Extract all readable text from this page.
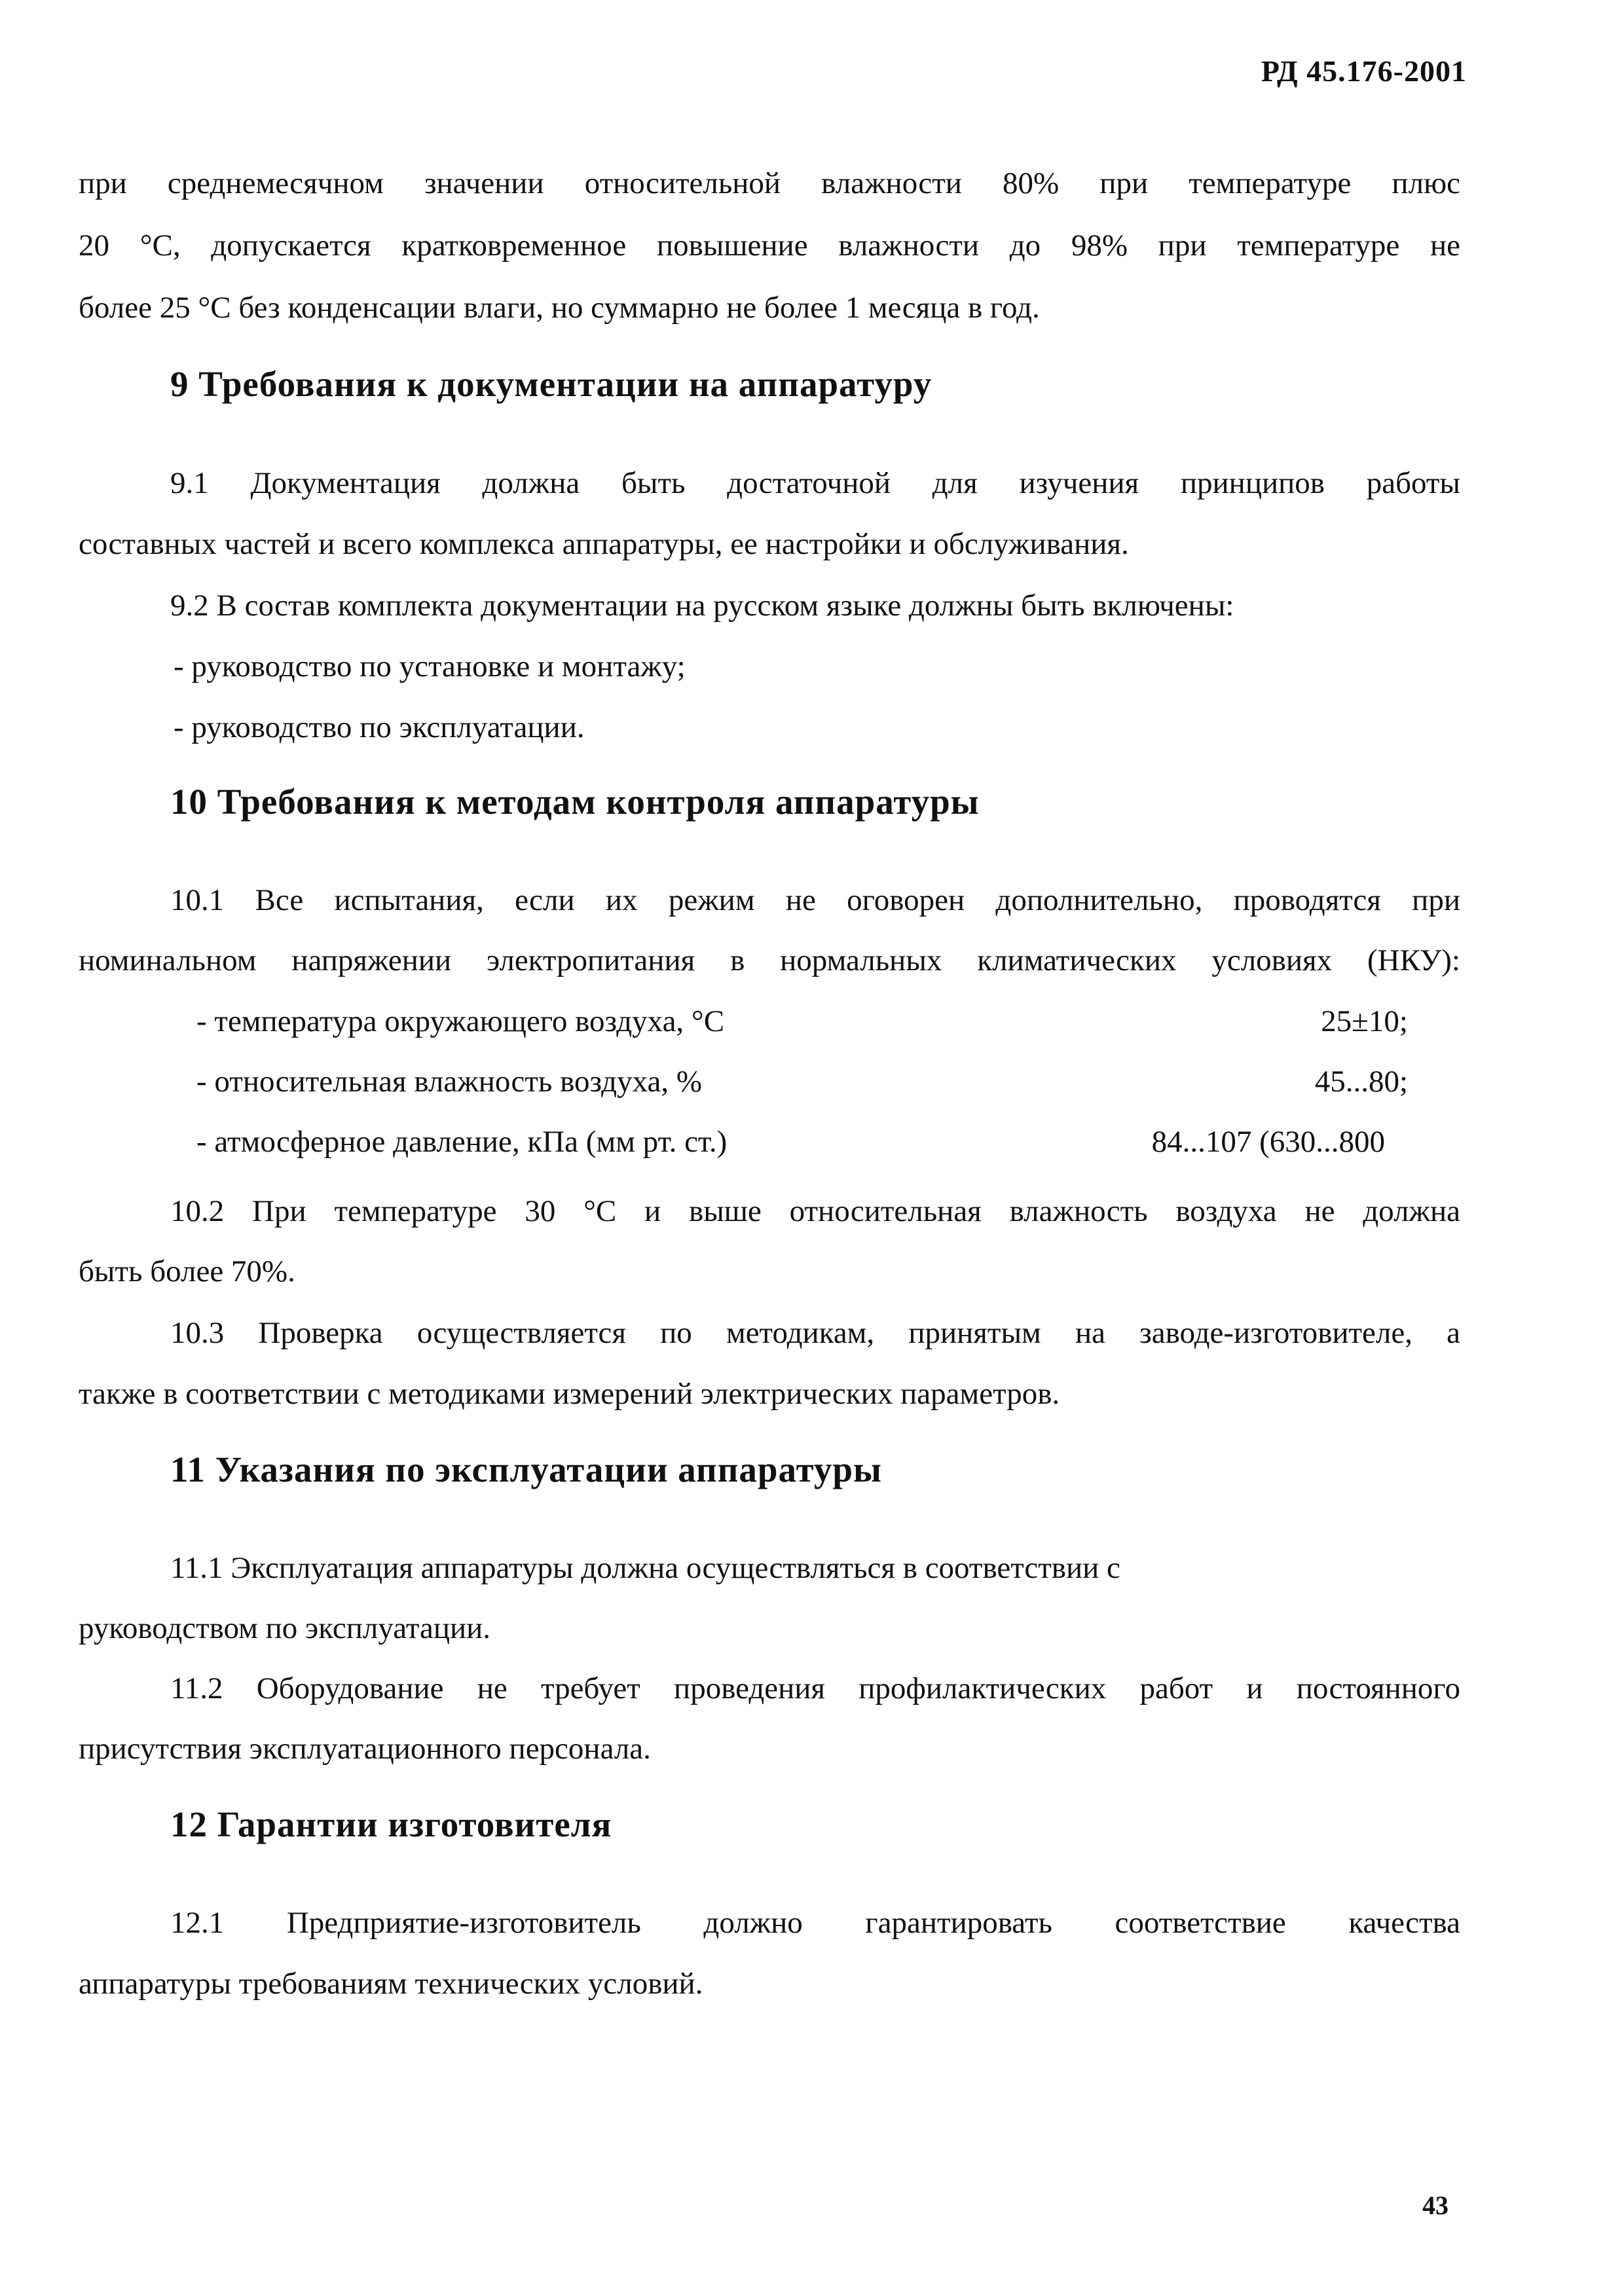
РД 45.176-2001
при среднемесячном значении относительной влажности 80% при температуре плюс
20 °С, допускается кратковременное повышение влажности до 98% при температуре не
более 25 °С без конденсации влаги, но суммарно не более 1 месяца в год.
9 Требования к документации на аппаратуру
9.1 Документация должна быть достаточной для изучения принципов работы
составных частей и всего комплекса аппаратуры, ее настройки и обслуживания.
9.2 В состав комплекта документации на русском языке должны быть включены:
- руководство по установке и монтажу;
- руководство по эксплуатации.
10 Требования к методам контроля аппаратуры
10.1 Все испытания, если их режим не оговорен дополнительно, проводятся при
номинальном напряжении электропитания в нормальных климатических условиях (НКУ):
- температура окружающего воздуха, °С	25±10;
- относительная влажность воздуха, %	45...80;
- атмосферное давление, кПа (мм рт. ст.)	84...107 (630...800
10.2 При температуре 30 °С и выше относительная влажность воздуха не должна
быть более 70%.
10.3 Проверка осуществляется по методикам, принятым на заводе-изготовителе, а
также в соответствии с методиками измерений электрических параметров.
11 Указания по эксплуатации аппаратуры
11.1 Эксплуатация аппаратуры должна осуществляться в соответствии с
руководством по эксплуатации.
11.2 Оборудование не требует проведения профилактических работ и постоянного
присутствия эксплуатационного персонала.
12 Гарантии изготовителя
12.1 Предприятие-изготовитель должно гарантировать соответствие качества
аппаратуры требованиям технических условий.
43
